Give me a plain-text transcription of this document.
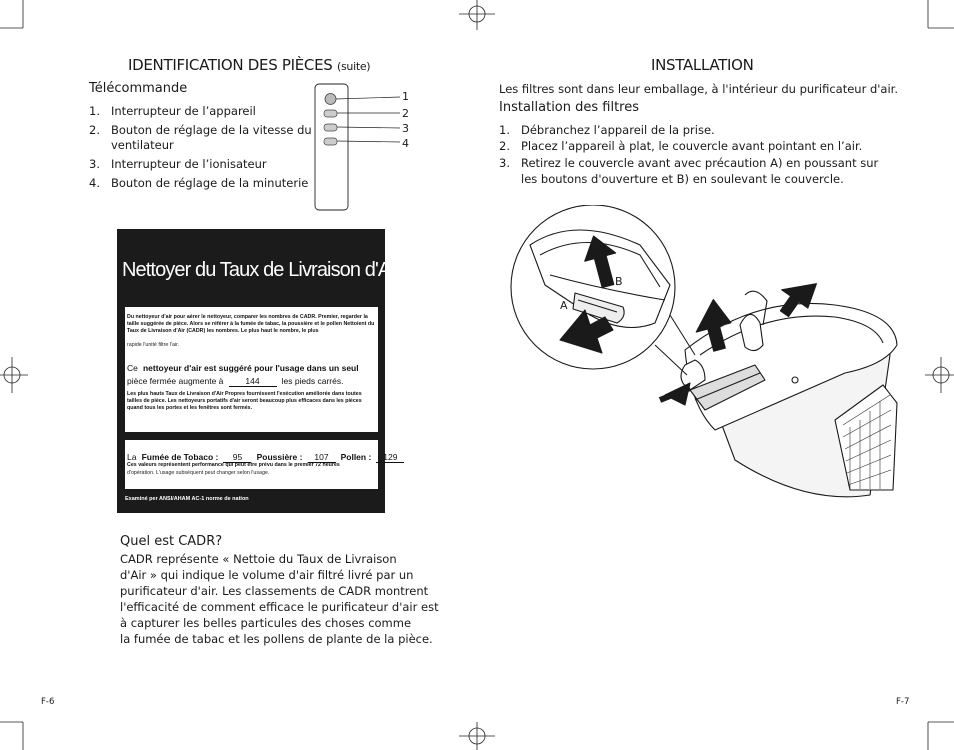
IDENTIFICATION DES PIÈCES (suite)
Télécommande
1. Interrupteur de l’appareil
2. Bouton de réglage de la vitesse du ventilateur
3. Interrupteur de l’ionisateur
4. Bouton de réglage de la minuterie
1
2
3
4
Nettoyer du Taux de Livraison d'Air
Du nettoyeur d'air pour aérer le nettoyeur, comparer les nombres de CADR. Premier, regarder la taille suggérée de pièce. Alors se référer à la fumée de tabac, la poussière et le pollen Nettoient du Taux de Livraison d'Air (CADR) les nombres. Le plus haut le nombre, le plus
rapide l'unité filtre l'air.
Ce nettoyeur d'air est suggéré pour l'usage dans un seul
pièce fermée augmente à	144	les pieds carrés.
Les plus hauts Taux de Livraison d'Air Propres fournissent l'exécution améliorée dans toutes tailles de pièce. Les nettoyeurs portatifs d'air seront beaucoup plus efficaces dans les pièces quand tous les portes et les fenêtres sont fermés.
La Fumée de Tobaco : 95 Poussière : 107 Pollen : 129
Ces valeurs représentent performance qui peut être prévu dans le premier 72 heures
d'opération. L'usage subséquent peut changer selon l'usage.
Examiné per ANSI/AHAM AC-1 norme de nation
Quel est CADR?
CADR représente « Nettoie du Taux de Livraison
d'Air » qui indique le volume d'air filtré livré par un
purificateur d'air. Les classements de CADR montrent
l'efficacité de comment efficace le purificateur d'air est
à capturer les belles particules des choses comme
la fumée de tabac et les pollens de plante de la pièce.
F-6
INSTALLATION
Les filtres sont dans leur emballage, à l'intérieur du purificateur d'air.
Installation des filtres
1. Débranchez l’appareil de la prise.
2. Placez l’appareil à plat, le couvercle avant pointant en l’air.
3. Retirez le couvercle avant avec précaution A) en poussant sur les boutons d'ouverture et B) en soulevant le couvercle.
A
B
F-7
